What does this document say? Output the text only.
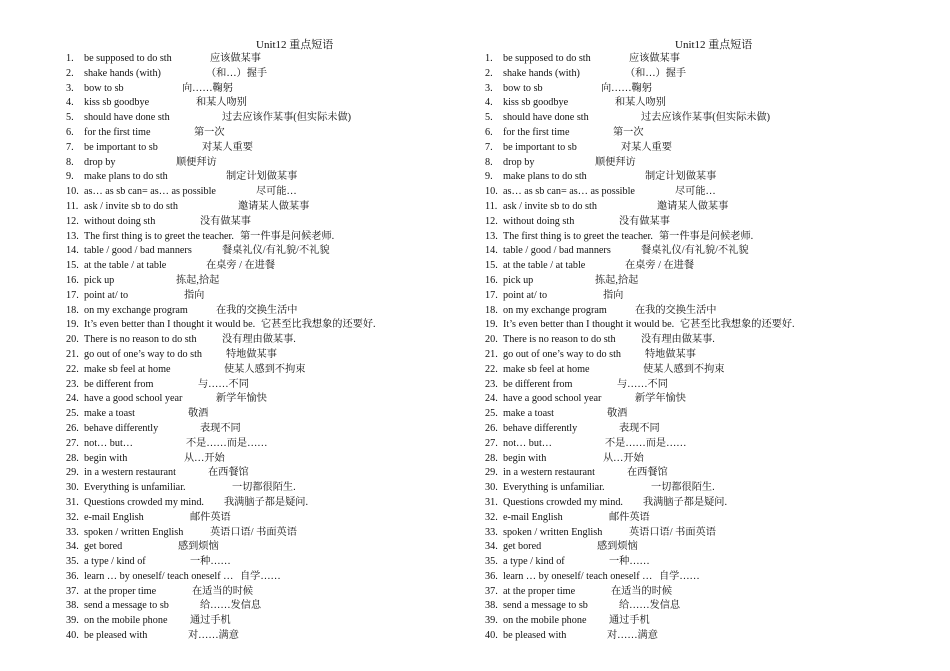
Unit12 重点短语
1. be supposed to do sth	应该做某事
2. shake hands (with)	（和…）握手
3. bow to sb	向……鞠躬
4. kiss sb goodbye	和某人吻别
5. should have done sth	过去应该作某事(但实际未做)
6. for the first time	第一次
7. be important to sb	对某人重要
8. drop by	顺便拜访
9. make plans to do sth	制定计划做某事
10. as… as sb can= as… as possible	尽可能…
11. ask / invite sb to do sth	邀请某人做某事
12. without doing sth	没有做某事
13. The first thing is to greet the teacher. 第一件事是问候老师.
14. table / good / bad manners	餐桌礼仪/有礼貌/不礼貌
15. at the table / at table	在桌旁 / 在进餐
16. pick up	拣起,拾起
17. point at/ to	指向
18. on my exchange program	在我的交换生活中
19. It’s even better than I thought it would be. 它甚至比我想象的还要好.
20. There is no reason to do sth 没有理由做某事.
21. go out of one’s way to do sth 特地做某事
22. make sb feel at home	使某人感到不拘束
23. be different from	与……不同
24. have a good school year	新学年愉快
25. make a toast	敬酒
26. behave differently	表现不同
27. not… but…	不是……而是……
28. begin with	从…开始
29. in a western restaurant	在西餐馆
30. Everything is unfamiliar.	一切都很陌生.
31. Questions crowded my mind. 我满脑子都是疑问.
32. e-mail English	邮件英语
33. spoken / written English	英语口语/ 书面英语
34. get bored	感到烦恼
35. a type / kind of	一种……
36. learn … by oneself/ teach oneself … 自学……
37. at the proper time	在适当的时候
38. send a message to sb	给……发信息
39. on the mobile phone 通过手机
40. be pleased with	对……满意
Unit12 重点短语
1. be supposed to do sth	应该做某事
2. shake hands (with)	（和…）握手
3. bow to sb	向……鞠躬
4. kiss sb goodbye	和某人吻别
5. should have done sth	过去应该作某事(但实际未做)
6. for the first time	第一次
7. be important to sb	对某人重要
8. drop by	顺便拜访
9. make plans to do sth	制定计划做某事
10. as… as sb can= as… as possible	尽可能…
11. ask / invite sb to do sth	邀请某人做某事
12. without doing sth	没有做某事
13. The first thing is to greet the teacher. 第一件事是问候老师.
14. table / good / bad manners	餐桌礼仪/有礼貌/不礼貌
15. at the table / at table	在桌旁 / 在进餐
16. pick up	拣起,拾起
17. point at/ to	指向
18. on my exchange program	在我的交换生活中
19. It’s even better than I thought it would be. 它甚至比我想象的还要好.
20. There is no reason to do sth 没有理由做某事.
21. go out of one’s way to do sth 特地做某事
22. make sb feel at home	使某人感到不拘束
23. be different from	与……不同
24. have a good school year	新学年愉快
25. make a toast	敬酒
26. behave differently	表现不同
27. not… but…	不是……而是……
28. begin with	从…开始
29. in a western restaurant	在西餐馆
30. Everything is unfamiliar.	一切都很陌生.
31. Questions crowded my mind. 我满脑子都是疑问.
32. e-mail English	邮件英语
33. spoken / written English	英语口语/ 书面英语
34. get bored	感到烦恼
35. a type / kind of	一种……
36. learn … by oneself/ teach oneself … 自学……
37. at the proper time	在适当的时候
38. send a message to sb	给……发信息
39. on the mobile phone 通过手机
40. be pleased with	对……满意
